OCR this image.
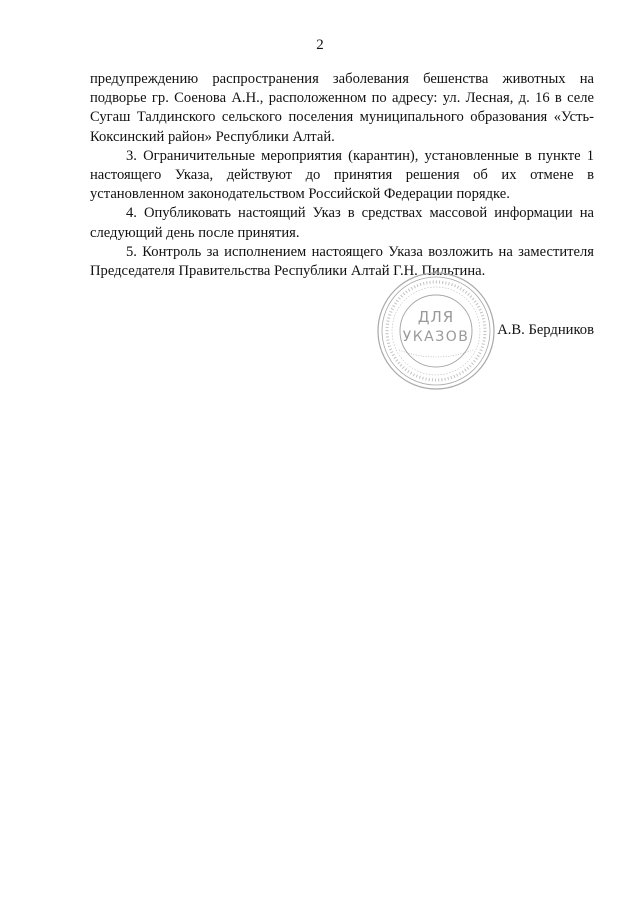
2

предупреждению распространения заболевания бешенства животных на подворье гр. Соенова А.Н., расположенном по адресу: ул. Лесная, д. 16 в селе Сугаш Талдинского сельского поселения муниципального образования «Усть-Коксинский район» Республики Алтай.

3. Ограничительные мероприятия (карантин), установленные в пункте 1 настоящего Указа, действуют до принятия решения об их отмене в установленном законодательством Российской Федерации порядке.

4. Опубликовать настоящий Указ в средствах массовой информации на следующий день после принятия.

5. Контроль за исполнением настоящего Указа возложить на заместителя Председателя Правительства Республики Алтай Г.Н. Пильтина.

ДЛЯ
УКАЗОВ А.В. Бердников
